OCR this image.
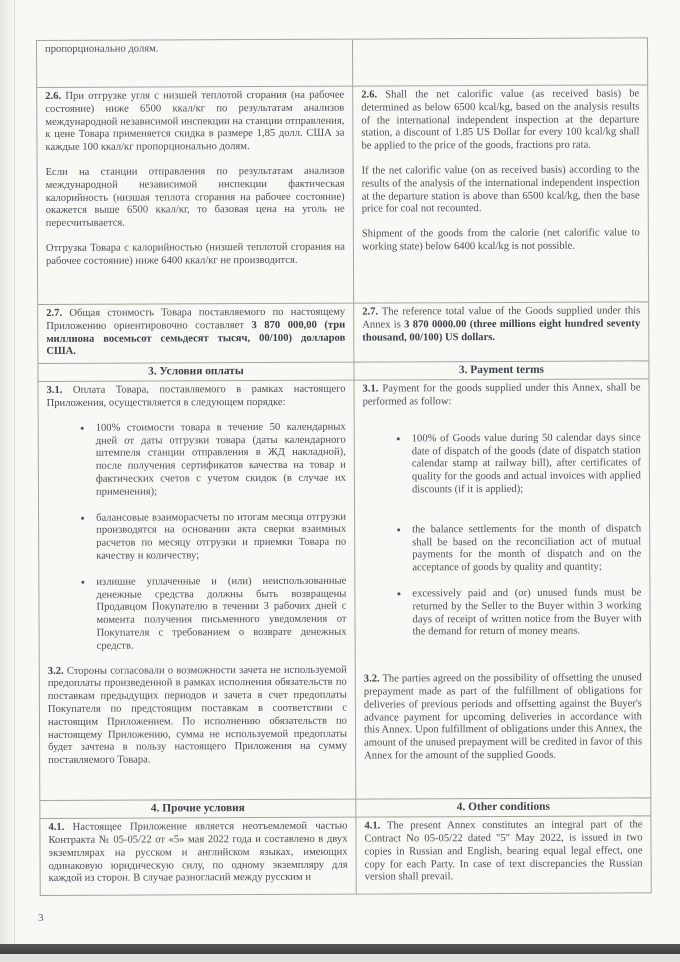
пропорционально долям.

2.6. При отгрузке угля с низшей теплотой сгорания (на рабочее состояние) ниже 6500 ккал/кг по результатам анализов международной независимой инспекции на станции отправления, к цене Товара применяется скидка в размере 1,85 долл. США за каждые 100 ккал/кг пропорционально долям.

Если на станции отправления по результатам анализов международной независимой инспекции фактическая калорийность (низшая теплота сгорания на рабочее состояние) окажется выше 6500 ккал/кг, то базовая цена на уголь не пересчитывается.

Отгрузка Товара с калорийностью (низшей теплотой сгорания на рабочее состояние) ниже 6400 ккал/кг не производится.

2.6. Shall the net calorific value (as received basis) be determined as below 6500 kcal/kg, based on the analysis results of the international independent inspection at the departure station, a discount of 1.85 US Dollar for every 100 kcal/kg shall be applied to the price of the goods, fractions pro rata.

If the net calorific value (on as received basis) according to the results of the analysis of the international independent inspection at the departure station is above than 6500 kcal/kg, then the base price for coal not recounted.

Shipment of the goods from the calorie (net calorific value to working state) below 6400 kcal/kg is not possible.

2.7. Общая стоимость Товара поставляемого по настоящему Приложению ориентировочно составляет 3 870 000,00 (три миллиона восемьсот семьдесят тысяч, 00/100) долларов США.

2.7. The reference total value of the Goods supplied under this Annex is 3 870 0000.00 (three millions eight hundred seventy thousand, 00/100) US dollars.

3. Условия оплаты	3. Payment terms

3.1. Оплата Товара, поставляемого в рамках настоящего Приложения, осуществляется в следующем порядке:

• 100% стоимости товара в течение 50 календарных дней от даты отгрузки товара (даты календарного штемпеля станции отправления в ЖД накладной), после получения сертификатов качества на товар и фактических счетов с учетом скидок (в случае их применения);
• балансовые взаиморасчеты по итогам месяца отгрузки производятся на основании акта сверки взаимных расчетов по месяцу отгрузки и приемки Товара по качеству и количеству;
• излишне уплаченные и (или) неиспользованные денежные средства должны быть возвращены Продавцом Покупателю в течении 3 рабочих дней с момента получения письменного уведомления от Покупателя с требованием о возврате денежных средств.

3.2. Стороны согласовали о возможности зачета не используемой предоплаты произведенной в рамках исполнения обязательств по поставкам предыдущих периодов и зачета в счет предоплаты Покупателя по предстоящим поставкам в соответствии с настоящим Приложением. По исполнению обязательств по настоящему Приложению, сумма не используемой предоплаты будет зачтена в пользу настоящего Приложения на сумму поставляемого Товара.

3.1. Payment for the goods supplied under this Annex, shall be performed as follow:

• 100% of Goods value during 50 calendar days since date of dispatch of the goods (date of dispatch station calendar stamp at railway bill), after certificates of quality for the goods and actual invoices with applied discounts (if it is applied);
• the balance settlements for the month of dispatch shall be based on the reconciliation act of mutual payments for the month of dispatch and on the acceptance of goods by quality and quantity;
• excessively paid and (or) unused funds must be returned by the Seller to the Buyer within 3 working days of receipt of written notice from the Buyer with the demand for return of money means.

3.2. The parties agreed on the possibility of offsetting the unused prepayment made as part of the fulfillment of obligations for deliveries of previous periods and offsetting against the Buyer's advance payment for upcoming deliveries in accordance with this Annex. Upon fulfillment of obligations under this Annex, the amount of the unused prepayment will be credited in favor of this Annex for the amount of the supplied Goods.

4. Прочие условия	4. Other conditions

4.1. Настоящее Приложение является неотъемлемой частью Контракта № 05-05/22 от «5» мая 2022 года и составлено в двух экземплярах на русском и английском языках, имеющих одинаковую юридическую силу, по одному экземпляру для каждой из сторон. В случае разногласий между русским и

4.1. The present Annex constitutes an integral part of the Contract No 05-05/22 dated "5" May 2022, is issued in two copies in Russian and English, bearing equal legal effect, one copy for each Party. In case of text discrepancies the Russian version shall prevail.

3
